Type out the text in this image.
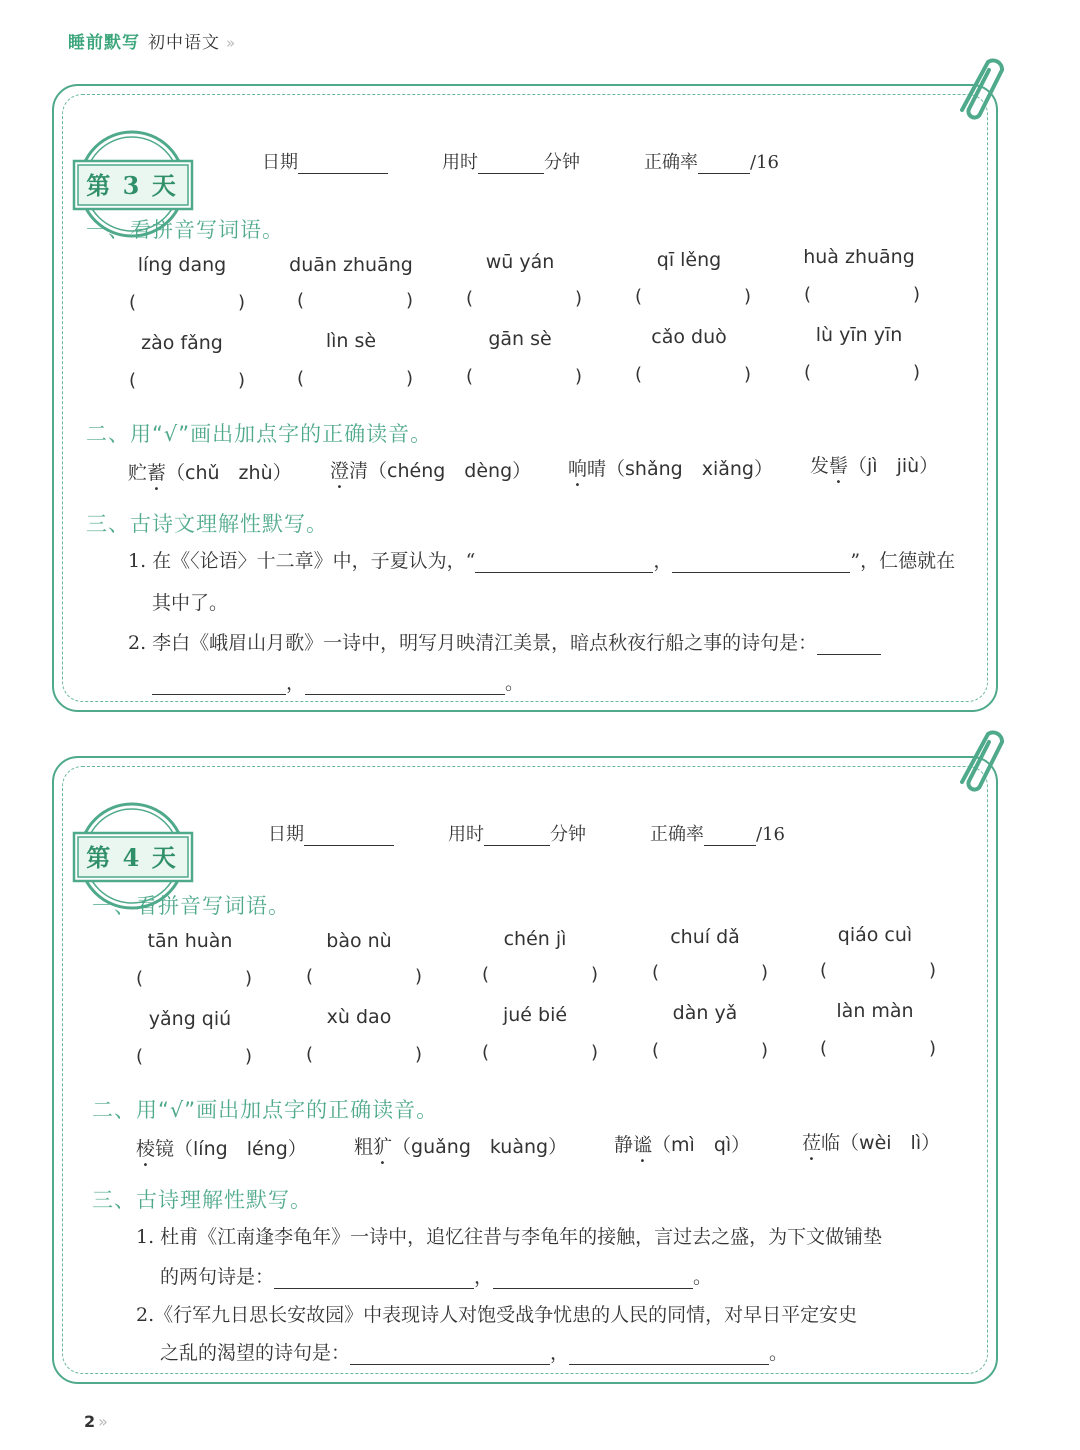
睡前默写 初中语文 »
第 3 天
日期	用时	分钟	正确率	/16
一、看拼音写词语。
líng dang	duān zhuāng	wū yán	qī lěng	huà zhuāng
(	)	(	)	(	)	(	)	(	)
zào fǎng	lìn sè	gān sè	cǎo duò	lù yīn yīn
(	)	(	)	(	)	(	)	(	)
二、用“√”画出加点字的正确读音。
贮蓄（chǔ　zhù） 澄清（chéng　dèng） 响晴（shǎng　xiǎng） 发髻（jì　jiù）
三、古诗文理解性默写。
1. 在《〈论语〉十二章》中，子夏认为，“	，	”，仁德就在
其中了。
2. 李白《峨眉山月歌》一诗中，明写月映清江美景，暗点秋夜行船之事的诗句是：
，	。
第 4 天
日期	用时	分钟	正确率	/16
一、看拼音写词语。
tān huàn	bào nù	chén jì	chuí dǎ	qiáo cuì
(	)	(	)	(	)	(	)	(	)
yǎng qiú	xù dao	jué bié	dàn yǎ	làn màn
(	)	(	)	(	)	(	)	(	)
二、用“√”画出加点字的正确读音。
棱镜（líng　léng） 粗犷（guǎng　kuàng） 静谧（mì　qì）	莅临（wèi　lì）
三、古诗理解性默写。
1. 杜甫《江南逢李龟年》一诗中，追忆往昔与李龟年的接触，言过去之盛，为下文做铺垫
的两句诗是：	，	。
2.《行军九日思长安故园》中表现诗人对饱受战争忧患的人民的同情，对早日平定安史
之乱的渴望的诗句是：	，	。
2 »
